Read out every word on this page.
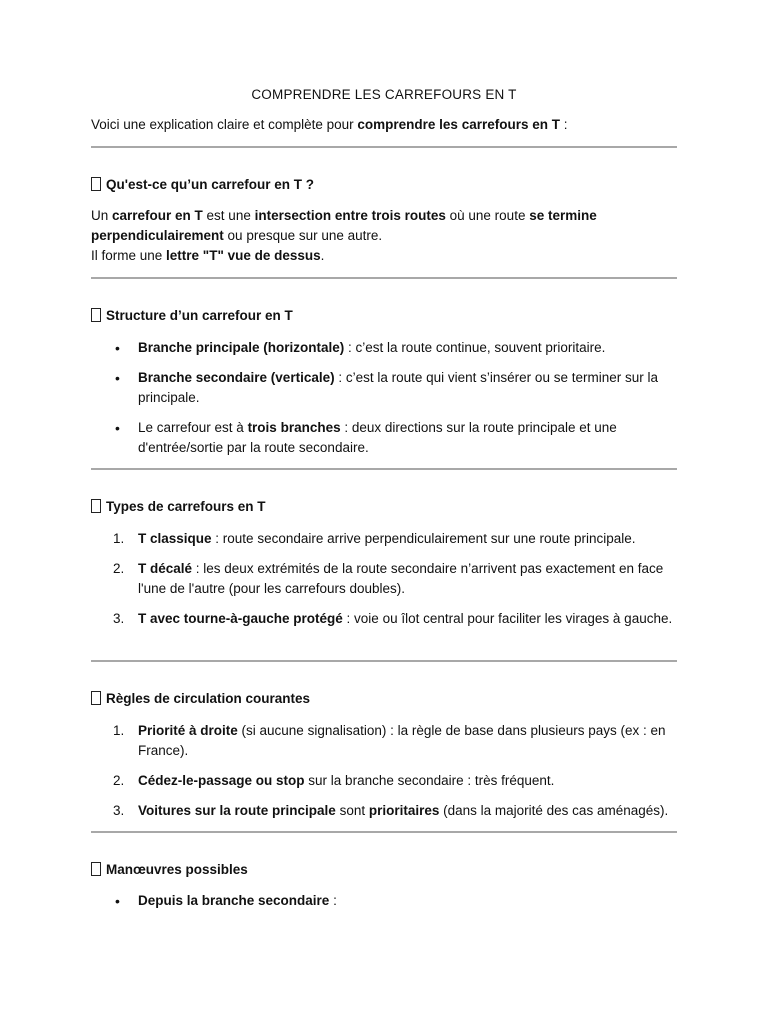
COMPRENDRE LES CARREFOURS EN T
Voici une explication claire et complète pour comprendre les carrefours en T :
Qu'est-ce qu’un carrefour en T ?
Un carrefour en T est une intersection entre trois routes où une route se termine perpendiculairement ou presque sur une autre.
Il forme une lettre "T" vue de dessus.
Structure d’un carrefour en T
•	Branche principale (horizontale) : c’est la route continue, souvent prioritaire.
•	Branche secondaire (verticale) : c’est la route qui vient s’insérer ou se terminer sur la principale.
•	Le carrefour est à trois branches : deux directions sur la route principale et une d'entrée/sortie par la route secondaire.
Types de carrefours en T
1.	T classique : route secondaire arrive perpendiculairement sur une route principale.
2.	T décalé : les deux extrémités de la route secondaire n’arrivent pas exactement en face l'une de l'autre (pour les carrefours doubles).
3.	T avec tourne-à-gauche protégé : voie ou îlot central pour faciliter les virages à gauche.
Règles de circulation courantes
1.	Priorité à droite (si aucune signalisation) : la règle de base dans plusieurs pays (ex : en France).
2.	Cédez-le-passage ou stop sur la branche secondaire : très fréquent.
3.	Voitures sur la route principale sont prioritaires (dans la majorité des cas aménagés).
Manœuvres possibles
•	Depuis la branche secondaire :
